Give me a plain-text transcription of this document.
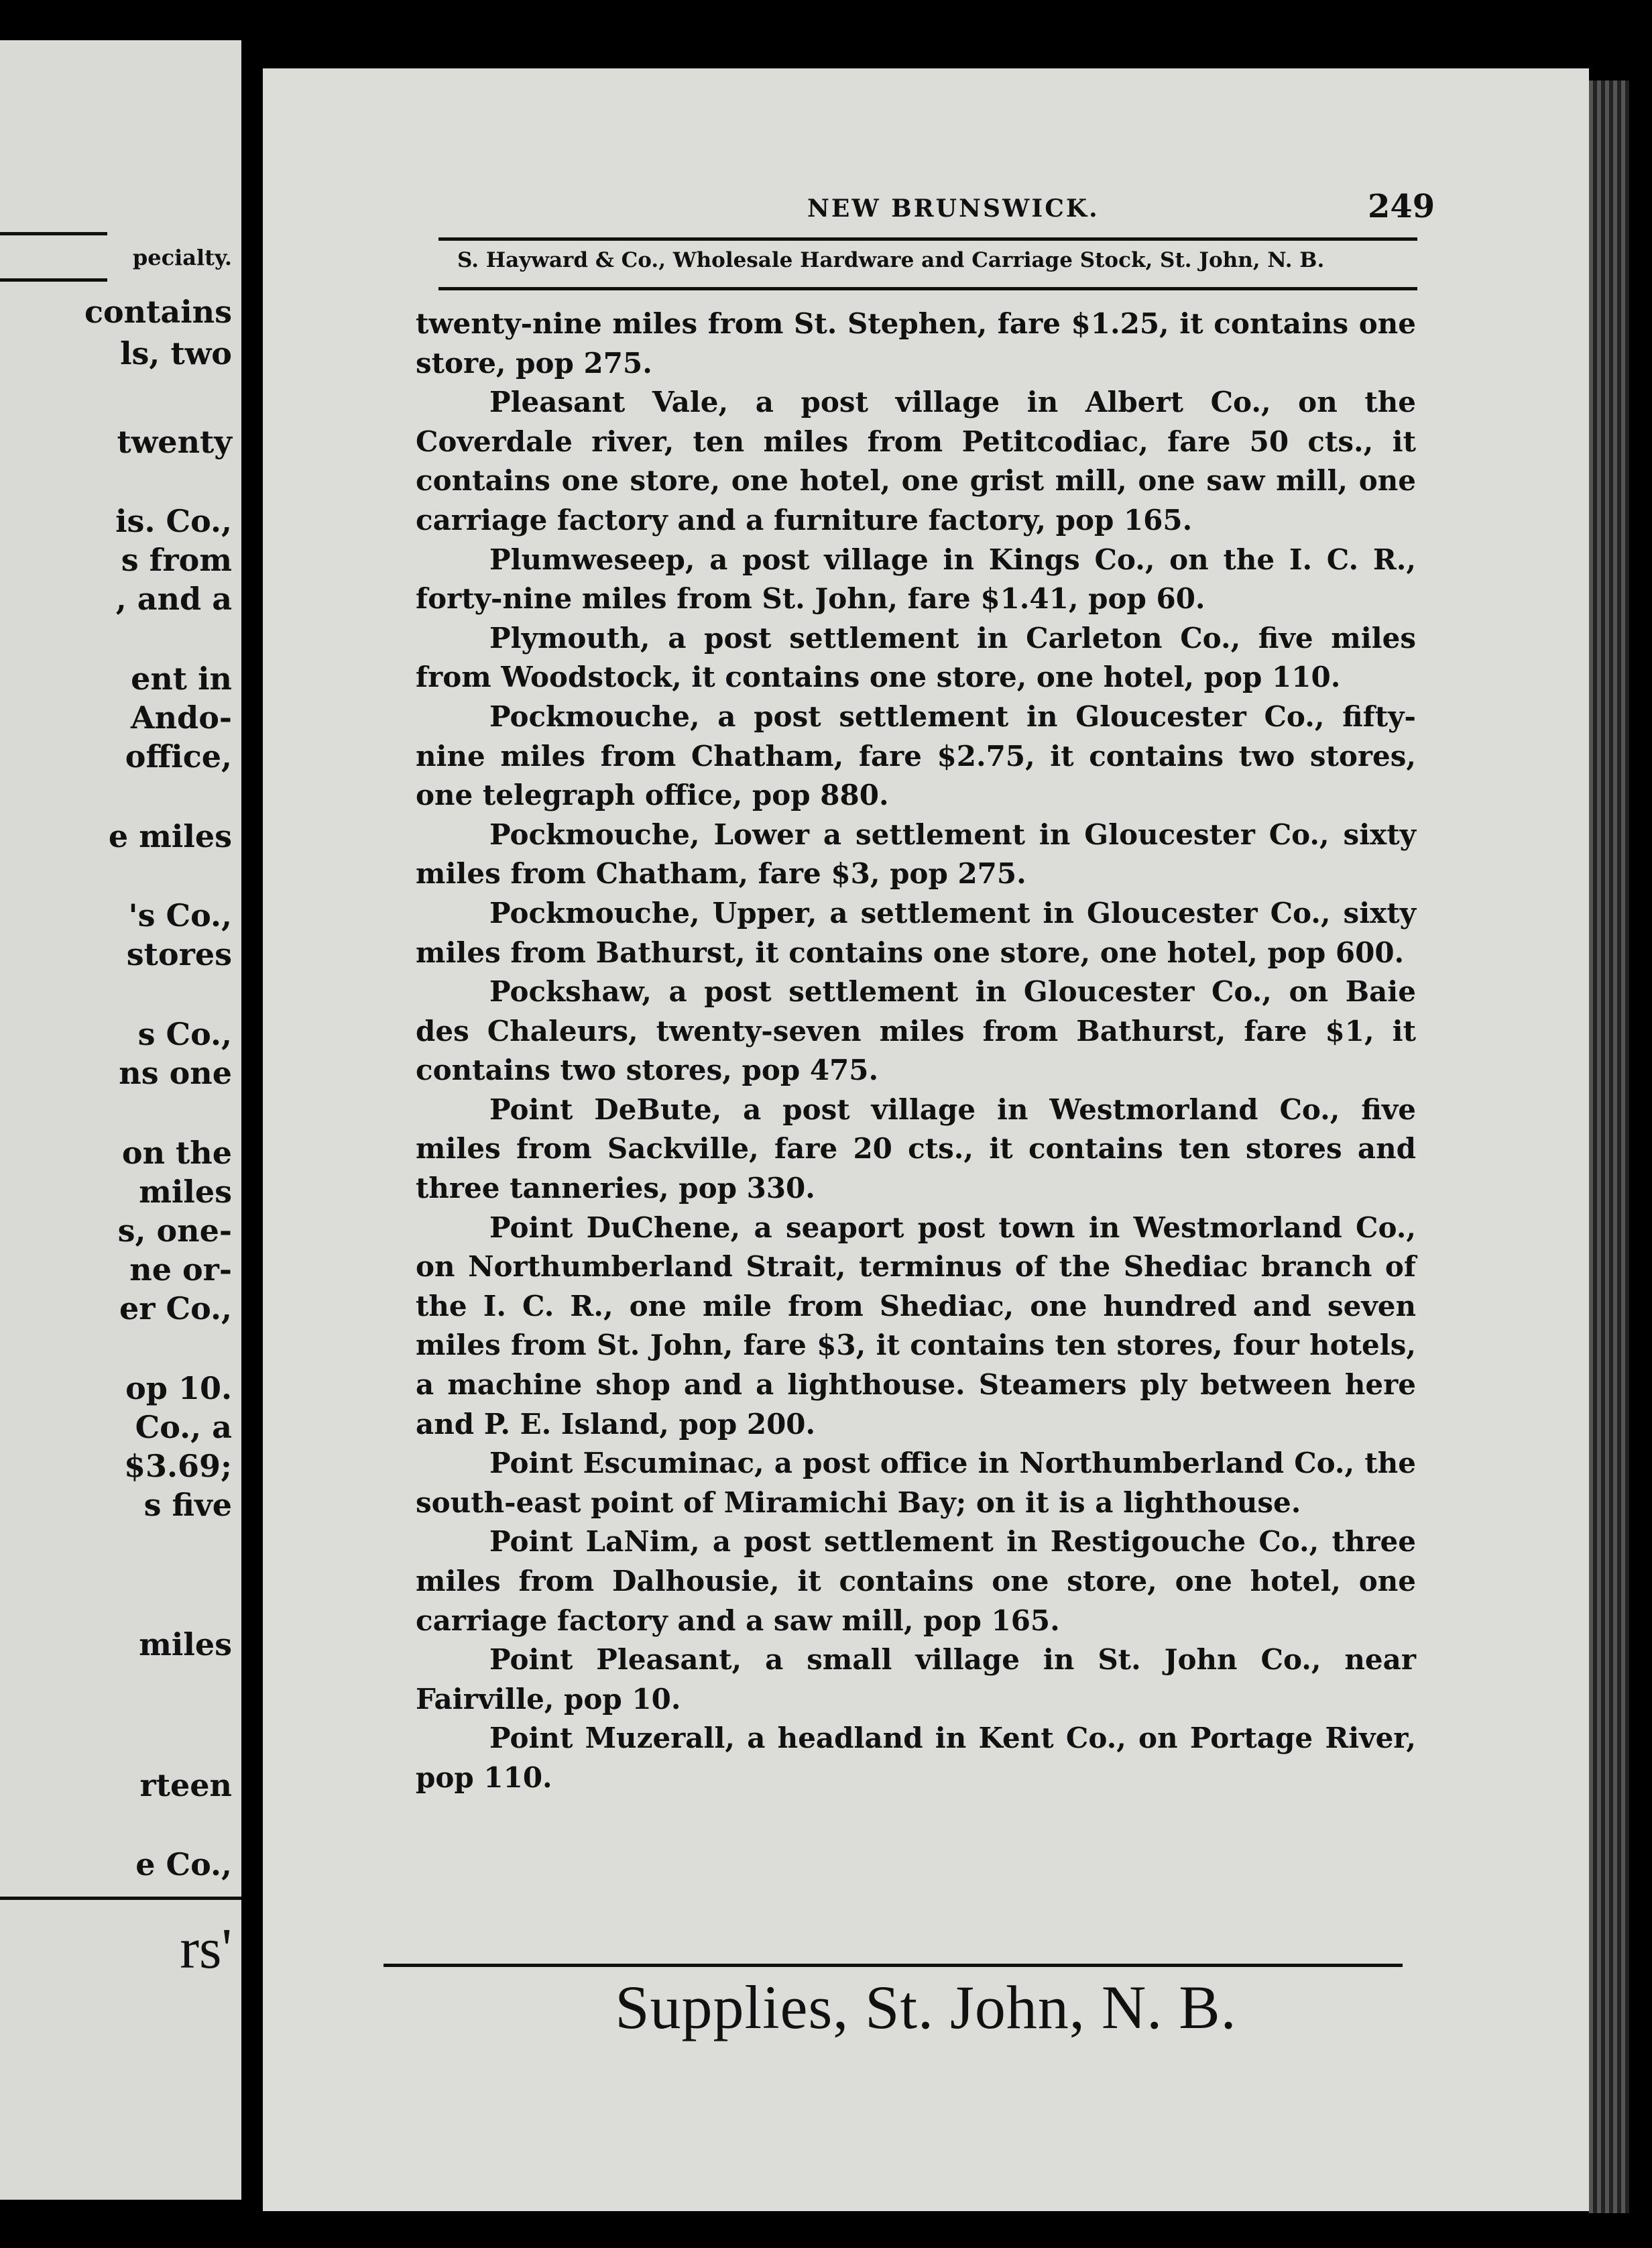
pecialty.
contains
ls, two
twenty
is. Co.,
s from
, and a
ent in
Ando-
office,
e miles
's Co.,
stores
s Co.,
ns one
on the
miles
s, one-
ne or-
er Co.,
op 10.
Co., a
$3.69;
s five
miles
rteen
e Co.,
rs'
NEW BRUNSWICK.	249
S. Hayward & Co., Wholesale Hardware and Carriage Stock, St. John, N. B.

twenty-nine miles from St. Stephen, fare $1.25, it contains one store, pop 275.

Pleasant Vale, a post village in Albert Co., on the Coverdale river, ten miles from Petitcodiac, fare 50 cts., it contains one store, one hotel, one grist mill, one saw mill, one carriage factory and a furniture factory, pop 165.

Plumweseep, a post village in Kings Co., on the I. C. R., forty-nine miles from St. John, fare $1.41, pop 60.

Plymouth, a post settlement in Carleton Co., five miles from Woodstock, it contains one store, one hotel, pop 110.

Pockmouche, a post settlement in Gloucester Co., fifty-nine miles from Chatham, fare $2.75, it contains two stores, one telegraph office, pop 880.

Pockmouche, Lower a settlement in Gloucester Co., sixty miles from Chatham, fare $3, pop 275.

Pockmouche, Upper, a settlement in Gloucester Co., sixty miles from Bathurst, it contains one store, one hotel, pop 600.

Pockshaw, a post settlement in Gloucester Co., on Baie des Chaleurs, twenty-seven miles from Bathurst, fare $1, it contains two stores, pop 475.

Point DeBute, a post village in Westmorland Co., five miles from Sackville, fare 20 cts., it contains ten stores and three tanneries, pop 330.

Point DuChene, a seaport post town in Westmorland Co., on Northumberland Strait, terminus of the Shediac branch of the I. C. R., one mile from Shediac, one hundred and seven miles from St. John, fare $3, it contains ten stores, four hotels, a machine shop and a lighthouse. Steamers ply between here and P. E. Island, pop 200.

Point Escuminac, a post office in Northumberland Co., the south-east point of Miramichi Bay; on it is a lighthouse.

Point LaNim, a post settlement in Restigouche Co., three miles from Dalhousie, it contains one store, one hotel, one carriage factory and a saw mill, pop 165.

Point Pleasant, a small village in St. John Co., near Fairville, pop 10.

Point Muzerall, a headland in Kent Co., on Portage River, pop 110.

Supplies, St. John, N. B.
